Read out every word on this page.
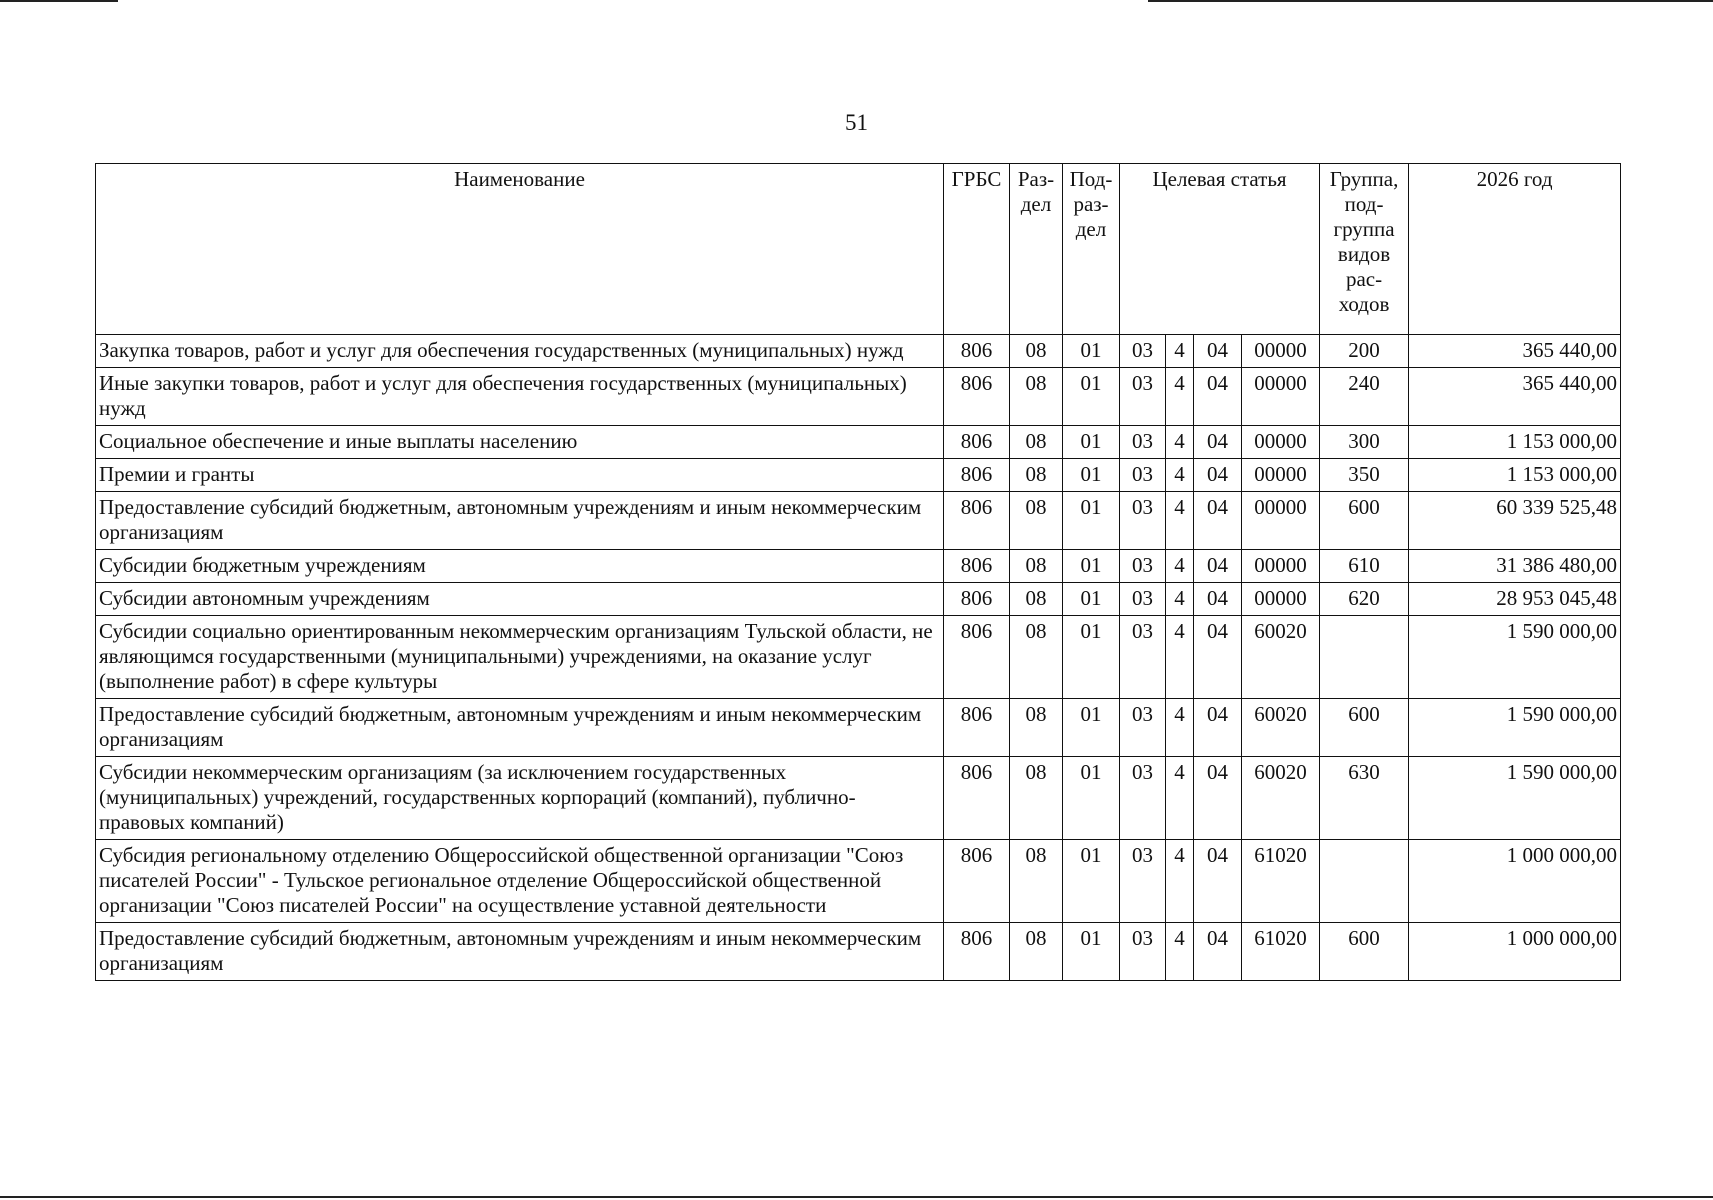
51
Наименование	ГРБС	Раз- дел	Под- раз- дел	Целевая статья				Группа, под- группа видов рас- ходов	2026 год
Закупка товаров, работ и услуг для обеспечения государственных (муниципальных) нужд	806	08	01	03	4	04	00000	200	365 440,00
Иные закупки товаров, работ и услуг для обеспечения государственных (муниципальных) нужд	806	08	01	03	4	04	00000	240	365 440,00
Социальное обеспечение и иные выплаты населению	806	08	01	03	4	04	00000	300	1 153 000,00
Премии и гранты	806	08	01	03	4	04	00000	350	1 153 000,00
Предоставление субсидий бюджетным, автономным учреждениям и иным некоммерческим организациям	806	08	01	03	4	04	00000	600	60 339 525,48
Субсидии бюджетным учреждениям	806	08	01	03	4	04	00000	610	31 386 480,00
Субсидии автономным учреждениям	806	08	01	03	4	04	00000	620	28 953 045,48
Субсидии социально ориентированным некоммерческим организациям Тульской области, не являющимся государственными (муниципальными) учреждениями, на оказание услуг (выполнение работ) в сфере культуры	806	08	01	03	4	04	60020		1 590 000,00
Предоставление субсидий бюджетным, автономным учреждениям и иным некоммерческим организациям	806	08	01	03	4	04	60020	600	1 590 000,00
Субсидии некоммерческим организациям (за исключением государственных (муниципальных) учреждений, государственных корпораций (компаний), публично-правовых компаний)	806	08	01	03	4	04	60020	630	1 590 000,00
Субсидия региональному отделению Общероссийской общественной организации "Союз писателей России" - Тульское региональное отделение Общероссийской общественной организации "Союз писателей России" на осуществление уставной деятельности	806	08	01	03	4	04	61020		1 000 000,00
Предоставление субсидий бюджетным, автономным учреждениям и иным некоммерческим организациям	806	08	01	03	4	04	61020	600	1 000 000,00
